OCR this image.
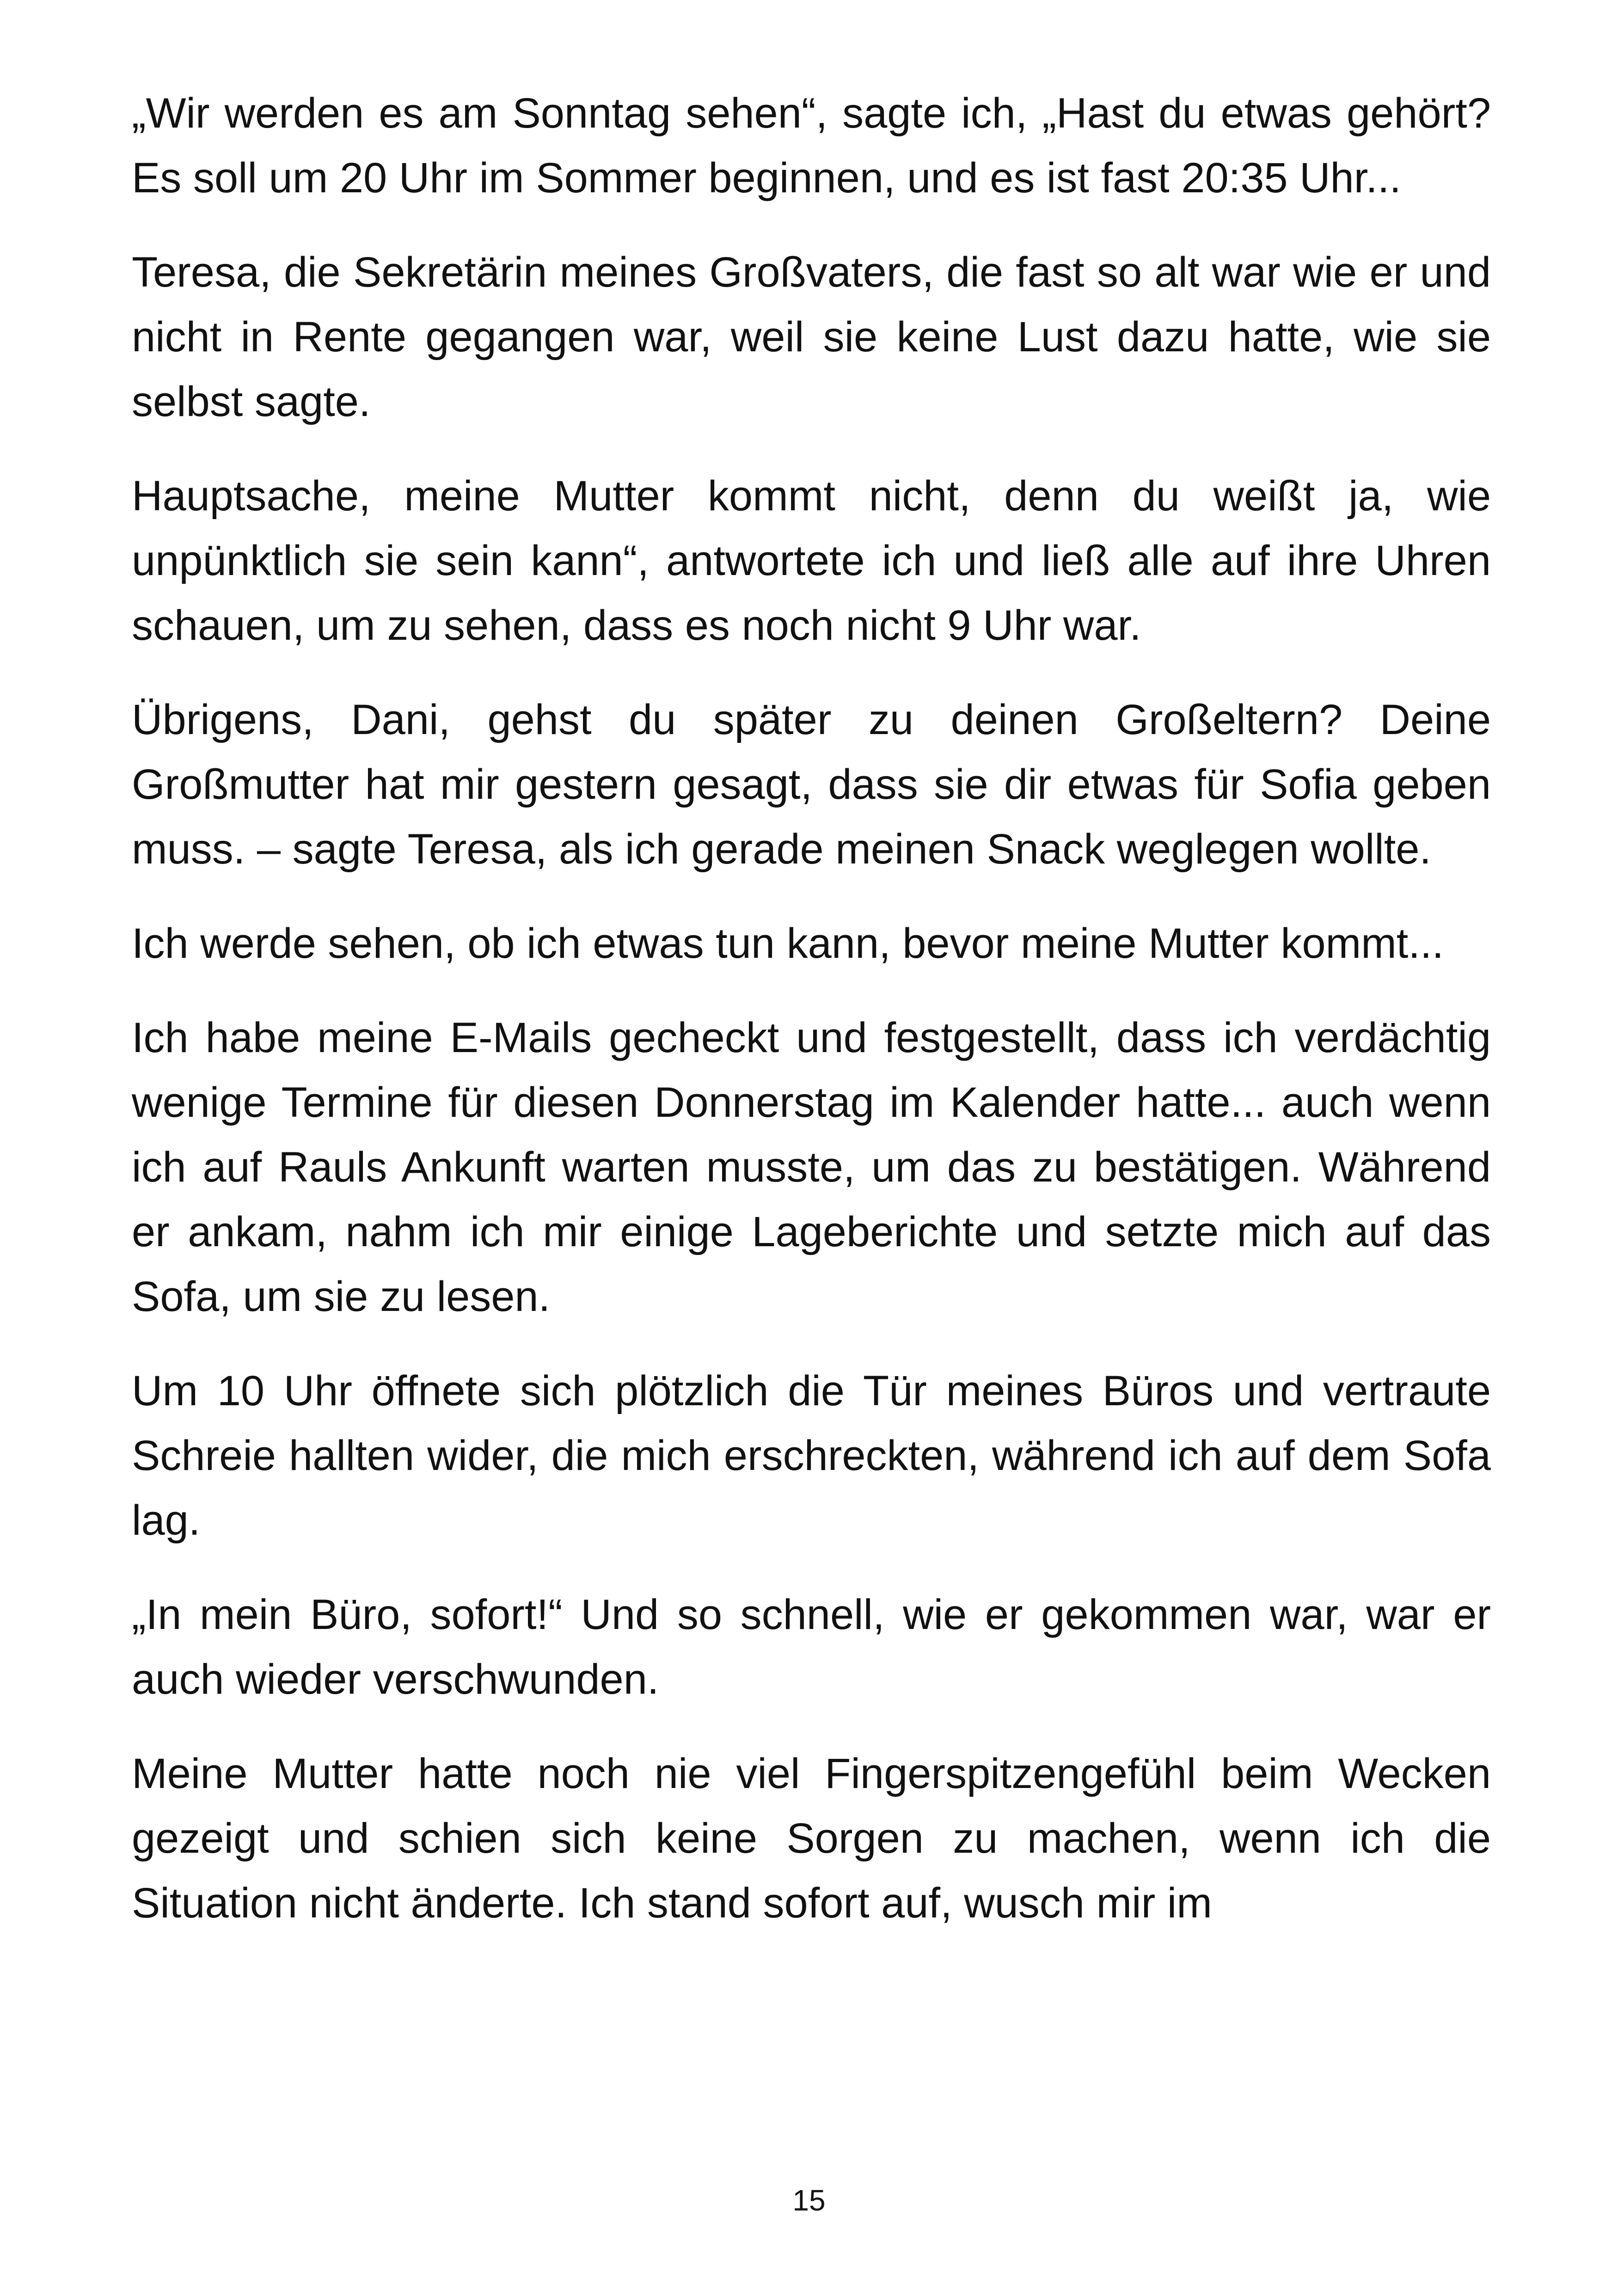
„Wir werden es am Sonntag sehen“, sagte ich, „Hast du etwas gehört? Es soll um 20 Uhr im Sommer beginnen, und es ist fast 20:35 Uhr...

Teresa, die Sekretärin meines Großvaters, die fast so alt war wie er und nicht in Rente gegangen war, weil sie keine Lust dazu hatte, wie sie selbst sagte.

Hauptsache, meine Mutter kommt nicht, denn du weißt ja, wie unpünktlich sie sein kann“, antwortete ich und ließ alle auf ihre Uhren schauen, um zu sehen, dass es noch nicht 9 Uhr war.

Übrigens, Dani, gehst du später zu deinen Großeltern? Deine Großmutter hat mir gestern gesagt, dass sie dir etwas für Sofia geben muss. – sagte Teresa, als ich gerade meinen Snack weglegen wollte.

Ich werde sehen, ob ich etwas tun kann, bevor meine Mutter kommt...

Ich habe meine E-Mails gecheckt und festgestellt, dass ich verdächtig wenige Termine für diesen Donnerstag im Kalender hatte... auch wenn ich auf Rauls Ankunft warten musste, um das zu bestätigen. Während er ankam, nahm ich mir einige Lageberichte und setzte mich auf das Sofa, um sie zu lesen.

Um 10 Uhr öffnete sich plötzlich die Tür meines Büros und vertraute Schreie hallten wider, die mich erschreckten, während ich auf dem Sofa lag.

„In mein Büro, sofort!“ Und so schnell, wie er gekommen war, war er auch wieder verschwunden.

Meine Mutter hatte noch nie viel Fingerspitzengefühl beim Wecken gezeigt und schien sich keine Sorgen zu machen, wenn ich die Situation nicht änderte. Ich stand sofort auf, wusch mir im

15
